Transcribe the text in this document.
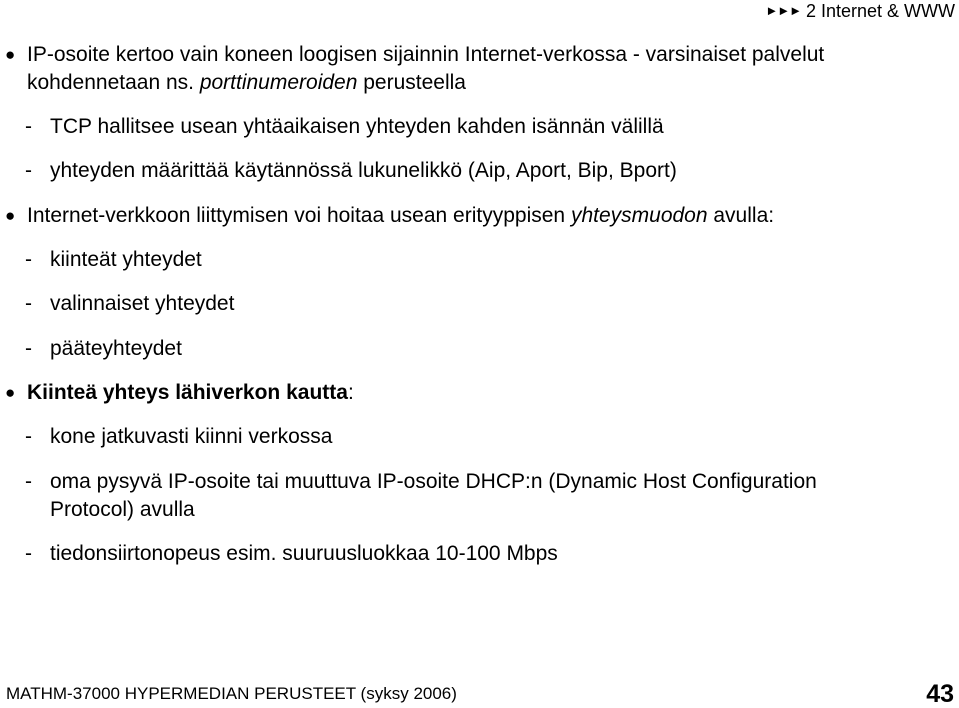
►►► 2 Internet & WWW
● IP-osoite kertoo vain koneen loogisen sijainnin Internet-verkossa - varsinaiset palvelut
kohdennetaan ns. porttinumeroiden perusteella
- TCP hallitsee usean yhtäaikaisen yhteyden kahden isännän välillä
- yhteyden määrittää käytännössä lukunelikkö (Aip, Aport, Bip, Bport)
● Internet-verkkoon liittymisen voi hoitaa usean erityyppisen yhteysmuodon avulla:
- kiinteät yhteydet
- valinnaiset yhteydet
- pääteyhteydet
● Kiinteä yhteys lähiverkon kautta:
- kone jatkuvasti kiinni verkossa
- oma pysyvä IP-osoite tai muuttuva IP-osoite DHCP:n (Dynamic Host Configuration
Protocol) avulla
- tiedonsiirtonopeus esim. suuruusluokkaa 10-100 Mbps
MATHM-37000 HYPERMEDIAN PERUSTEET (syksy 2006)	43
